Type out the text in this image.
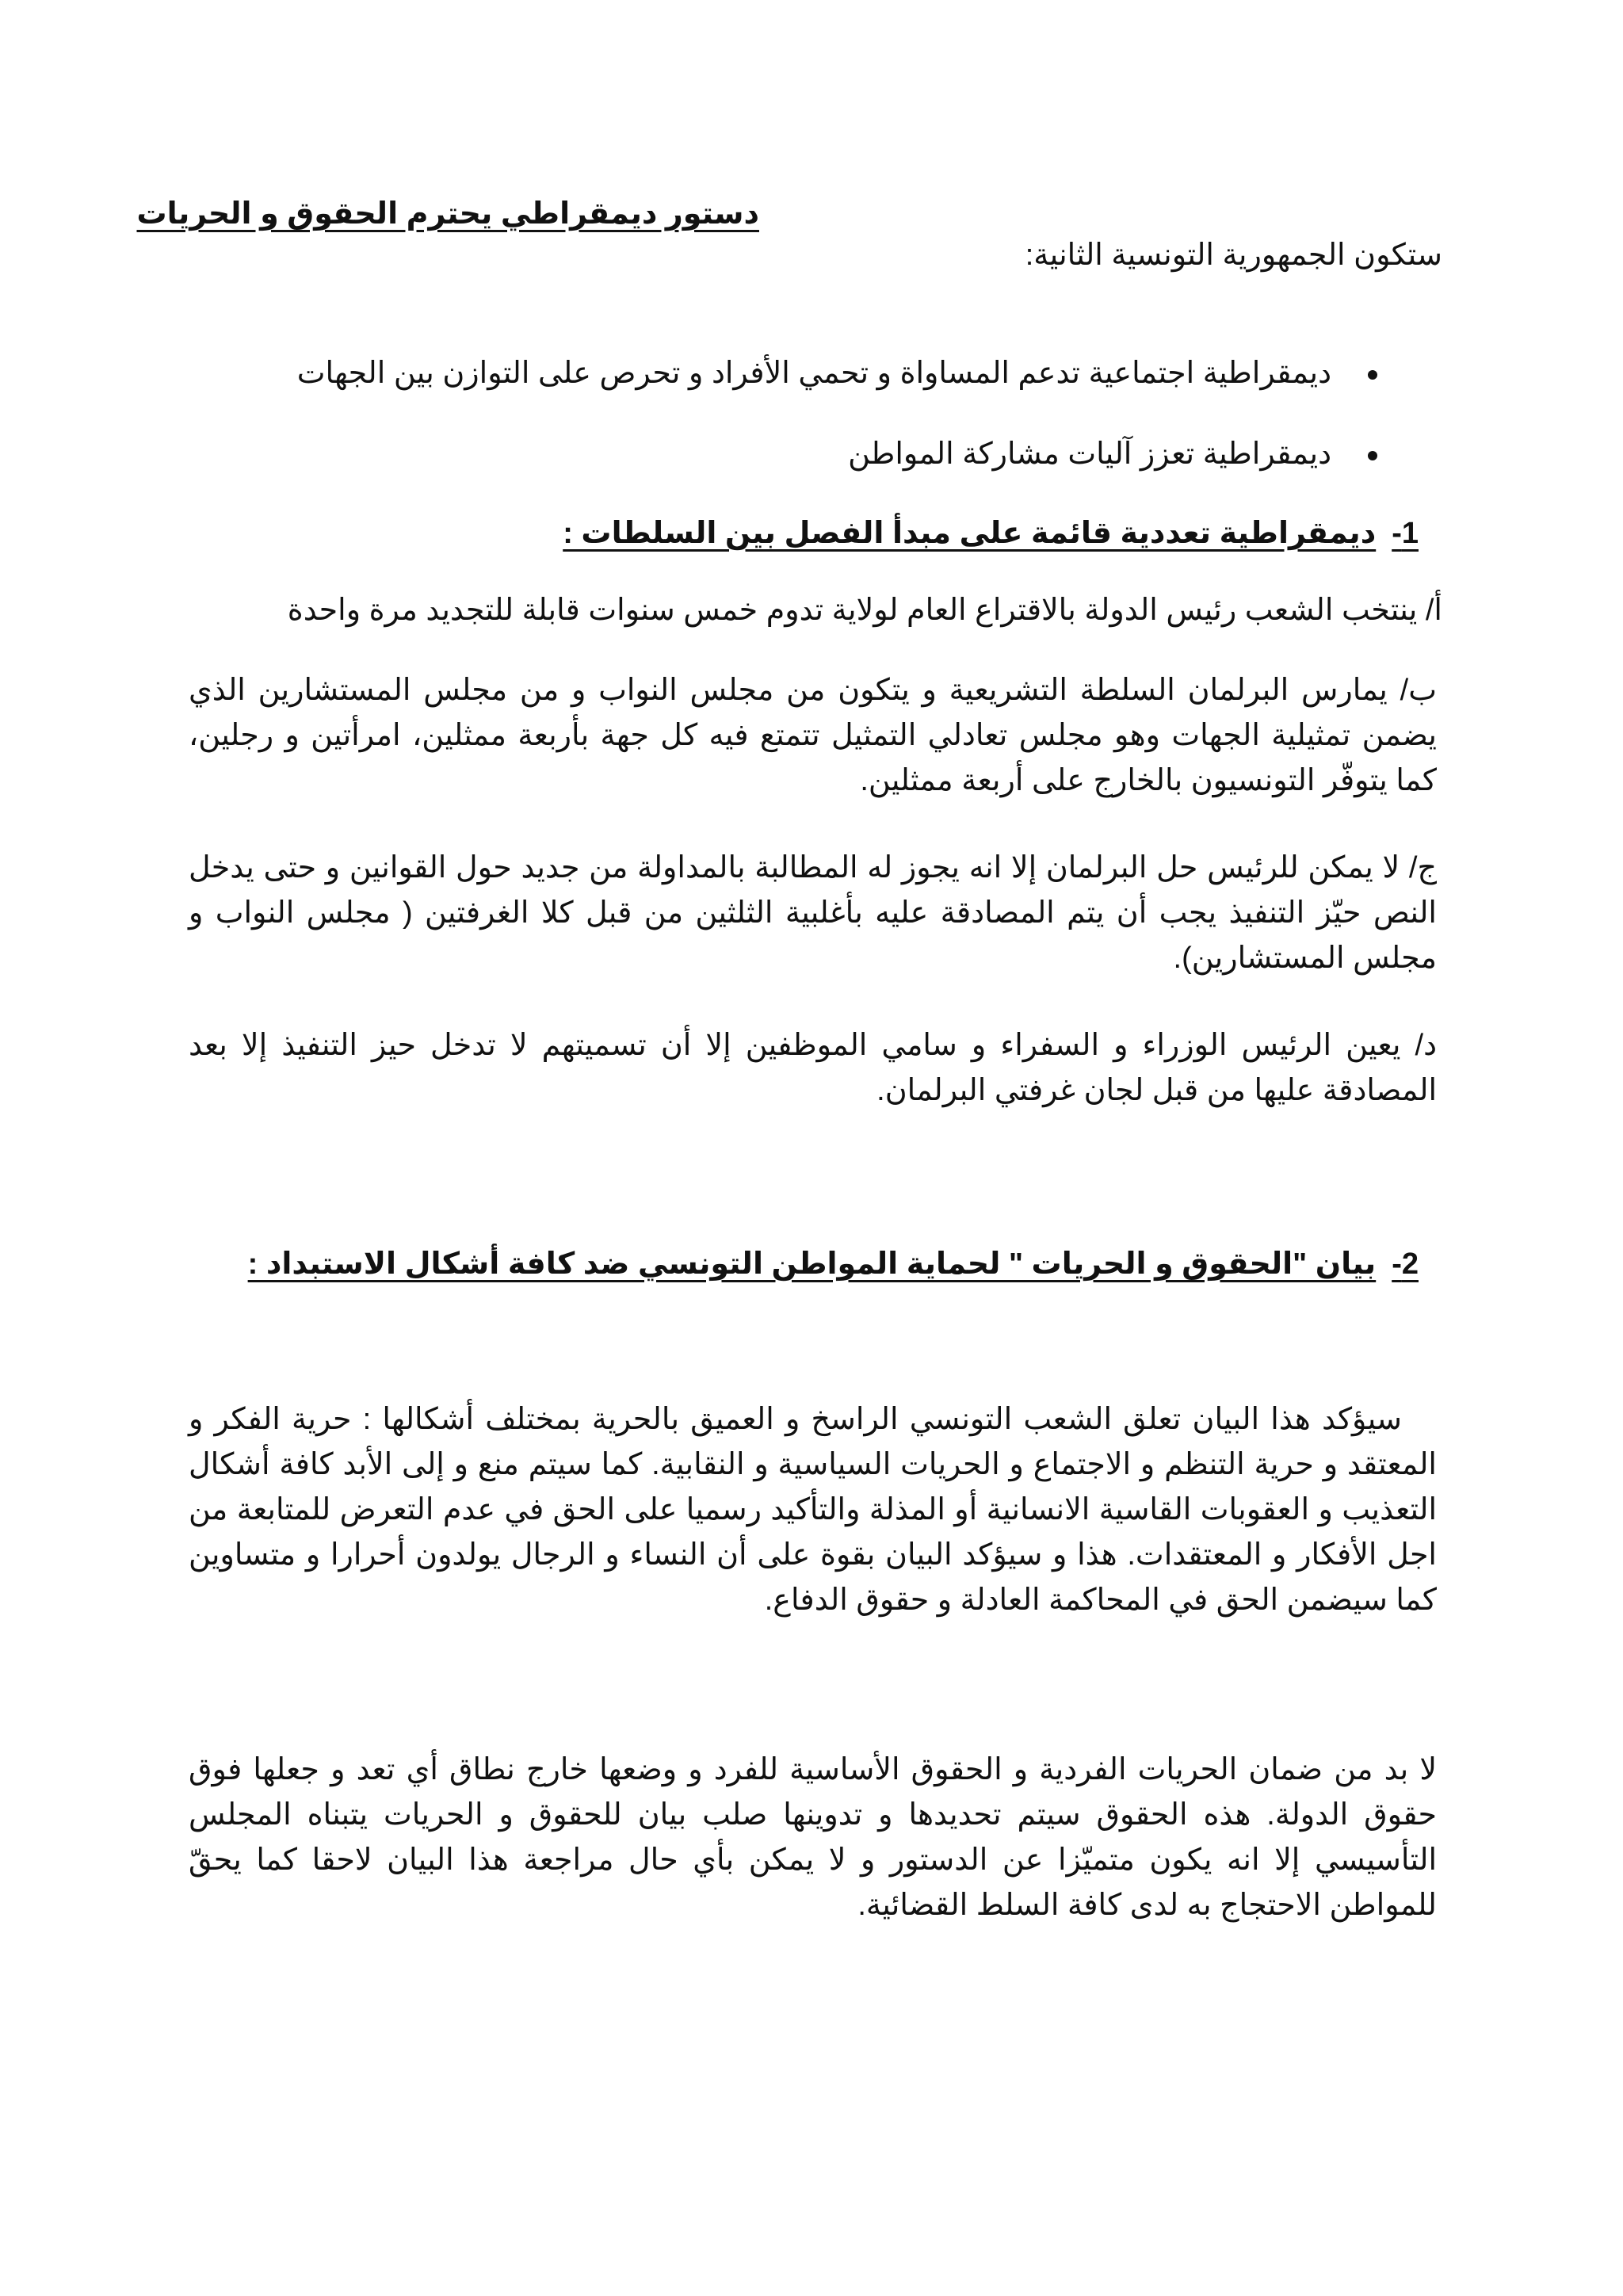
دستور ديمقراطي يحترم الحقوق و الحريات
ستكون الجمهورية التونسية الثانية:
ديمقراطية اجتماعية تدعم المساواة و تحمي الأفراد و تحرص على التوازن بين الجهات
ديمقراطية تعزز آليات مشاركة المواطن
1-ديمقراطية تعددية قائمة على مبدأ الفصل بين السلطات :
أ/ ينتخب الشعب رئيس الدولة بالاقتراع العام لولاية تدوم خمس سنوات قابلة للتجديد مرة واحدة
ب/ يمارس البرلمان السلطة التشريعية و يتكون من مجلس النواب و من مجلس المستشارين الذي يضمن تمثيلية الجهات وهو مجلس تعادلي التمثيل تتمتع فيه كل جهة بأربعة ممثلين، امرأتين و رجلين، كما يتوفّر التونسيون بالخارج على أربعة ممثلين.
ج/ لا يمكن للرئيس حل البرلمان إلا انه يجوز له المطالبة بالمداولة من جديد حول القوانين و حتى يدخل النص حيّز التنفيذ يجب أن يتم المصادقة عليه بأغلبية الثلثين من قبل كلا الغرفتين ( مجلس النواب و مجلس المستشارين).
د/ يعين الرئيس الوزراء و السفراء و سامي الموظفين إلا أن تسميتهم لا تدخل حيز التنفيذ إلا بعد المصادقة عليها من قبل لجان غرفتي البرلمان.
2-بيان "الحقوق و الحريات " لحماية المواطن التونسي ضد كافة أشكال الاستبداد :
سيؤكد هذا البيان تعلق الشعب التونسي الراسخ و العميق بالحرية بمختلف أشكالها : حرية الفكر و المعتقد و حرية التنظم و الاجتماع و الحريات السياسية و النقابية. كما سيتم منع و إلى الأبد كافة أشكال التعذيب و العقوبات القاسية الانسانية أو المذلة والتأكيد رسميا على الحق في عدم التعرض للمتابعة من اجل الأفكار و المعتقدات. هذا و سيؤكد البيان بقوة على أن النساء و الرجال يولدون أحرارا و متساوين كما سيضمن الحق في المحاكمة العادلة و حقوق الدفاع.
لا بد من ضمان الحريات الفردية و الحقوق الأساسية للفرد و وضعها خارج نطاق أي تعد و جعلها فوق حقوق الدولة. هذه الحقوق سيتم تحديدها و تدوينها صلب بيان للحقوق و الحريات يتبناه المجلس التأسيسي إلا انه يكون متميّزا عن الدستور و لا يمكن بأي حال مراجعة هذا البيان لاحقا كما يحقّ للمواطن الاحتجاج به لدى كافة السلط القضائية.
